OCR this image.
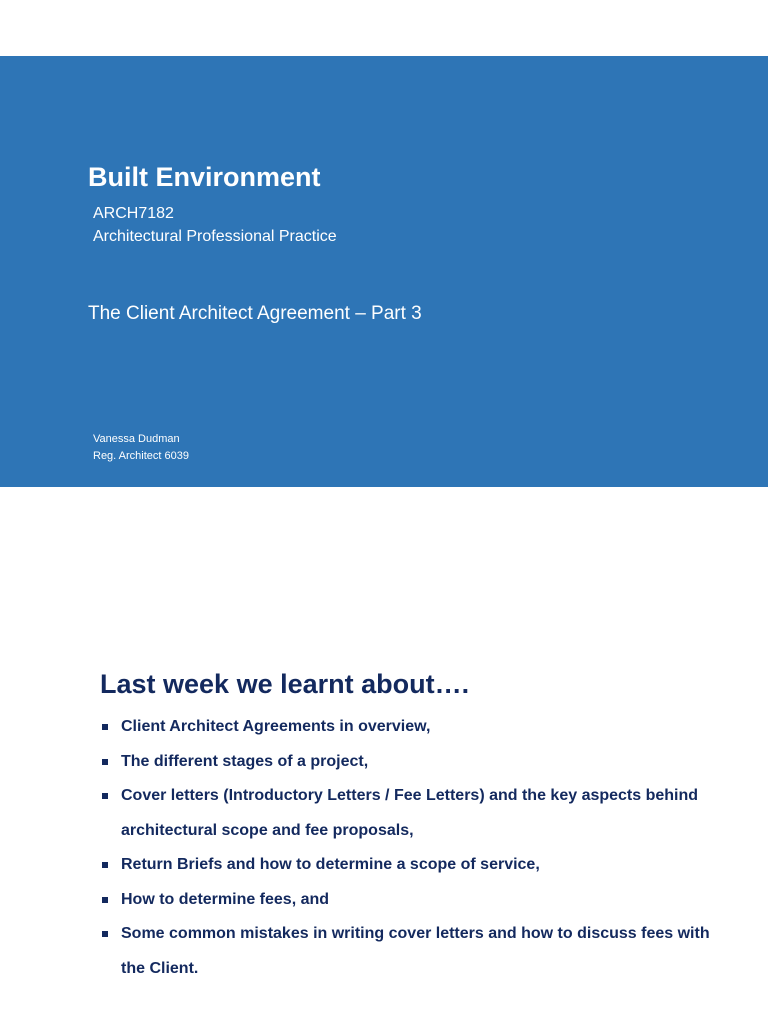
Built Environment
ARCH7182
Architectural Professional Practice
The Client Architect Agreement – Part 3
Vanessa Dudman
Reg. Architect 6039
Last week we learnt about….
Client Architect Agreements in overview,
The different stages of a project,
Cover letters (Introductory Letters / Fee Letters) and the key aspects behind architectural scope and fee proposals,
Return Briefs and how to determine a scope of service,
How to determine fees, and
Some common mistakes in writing cover letters and how to discuss fees with the Client.
